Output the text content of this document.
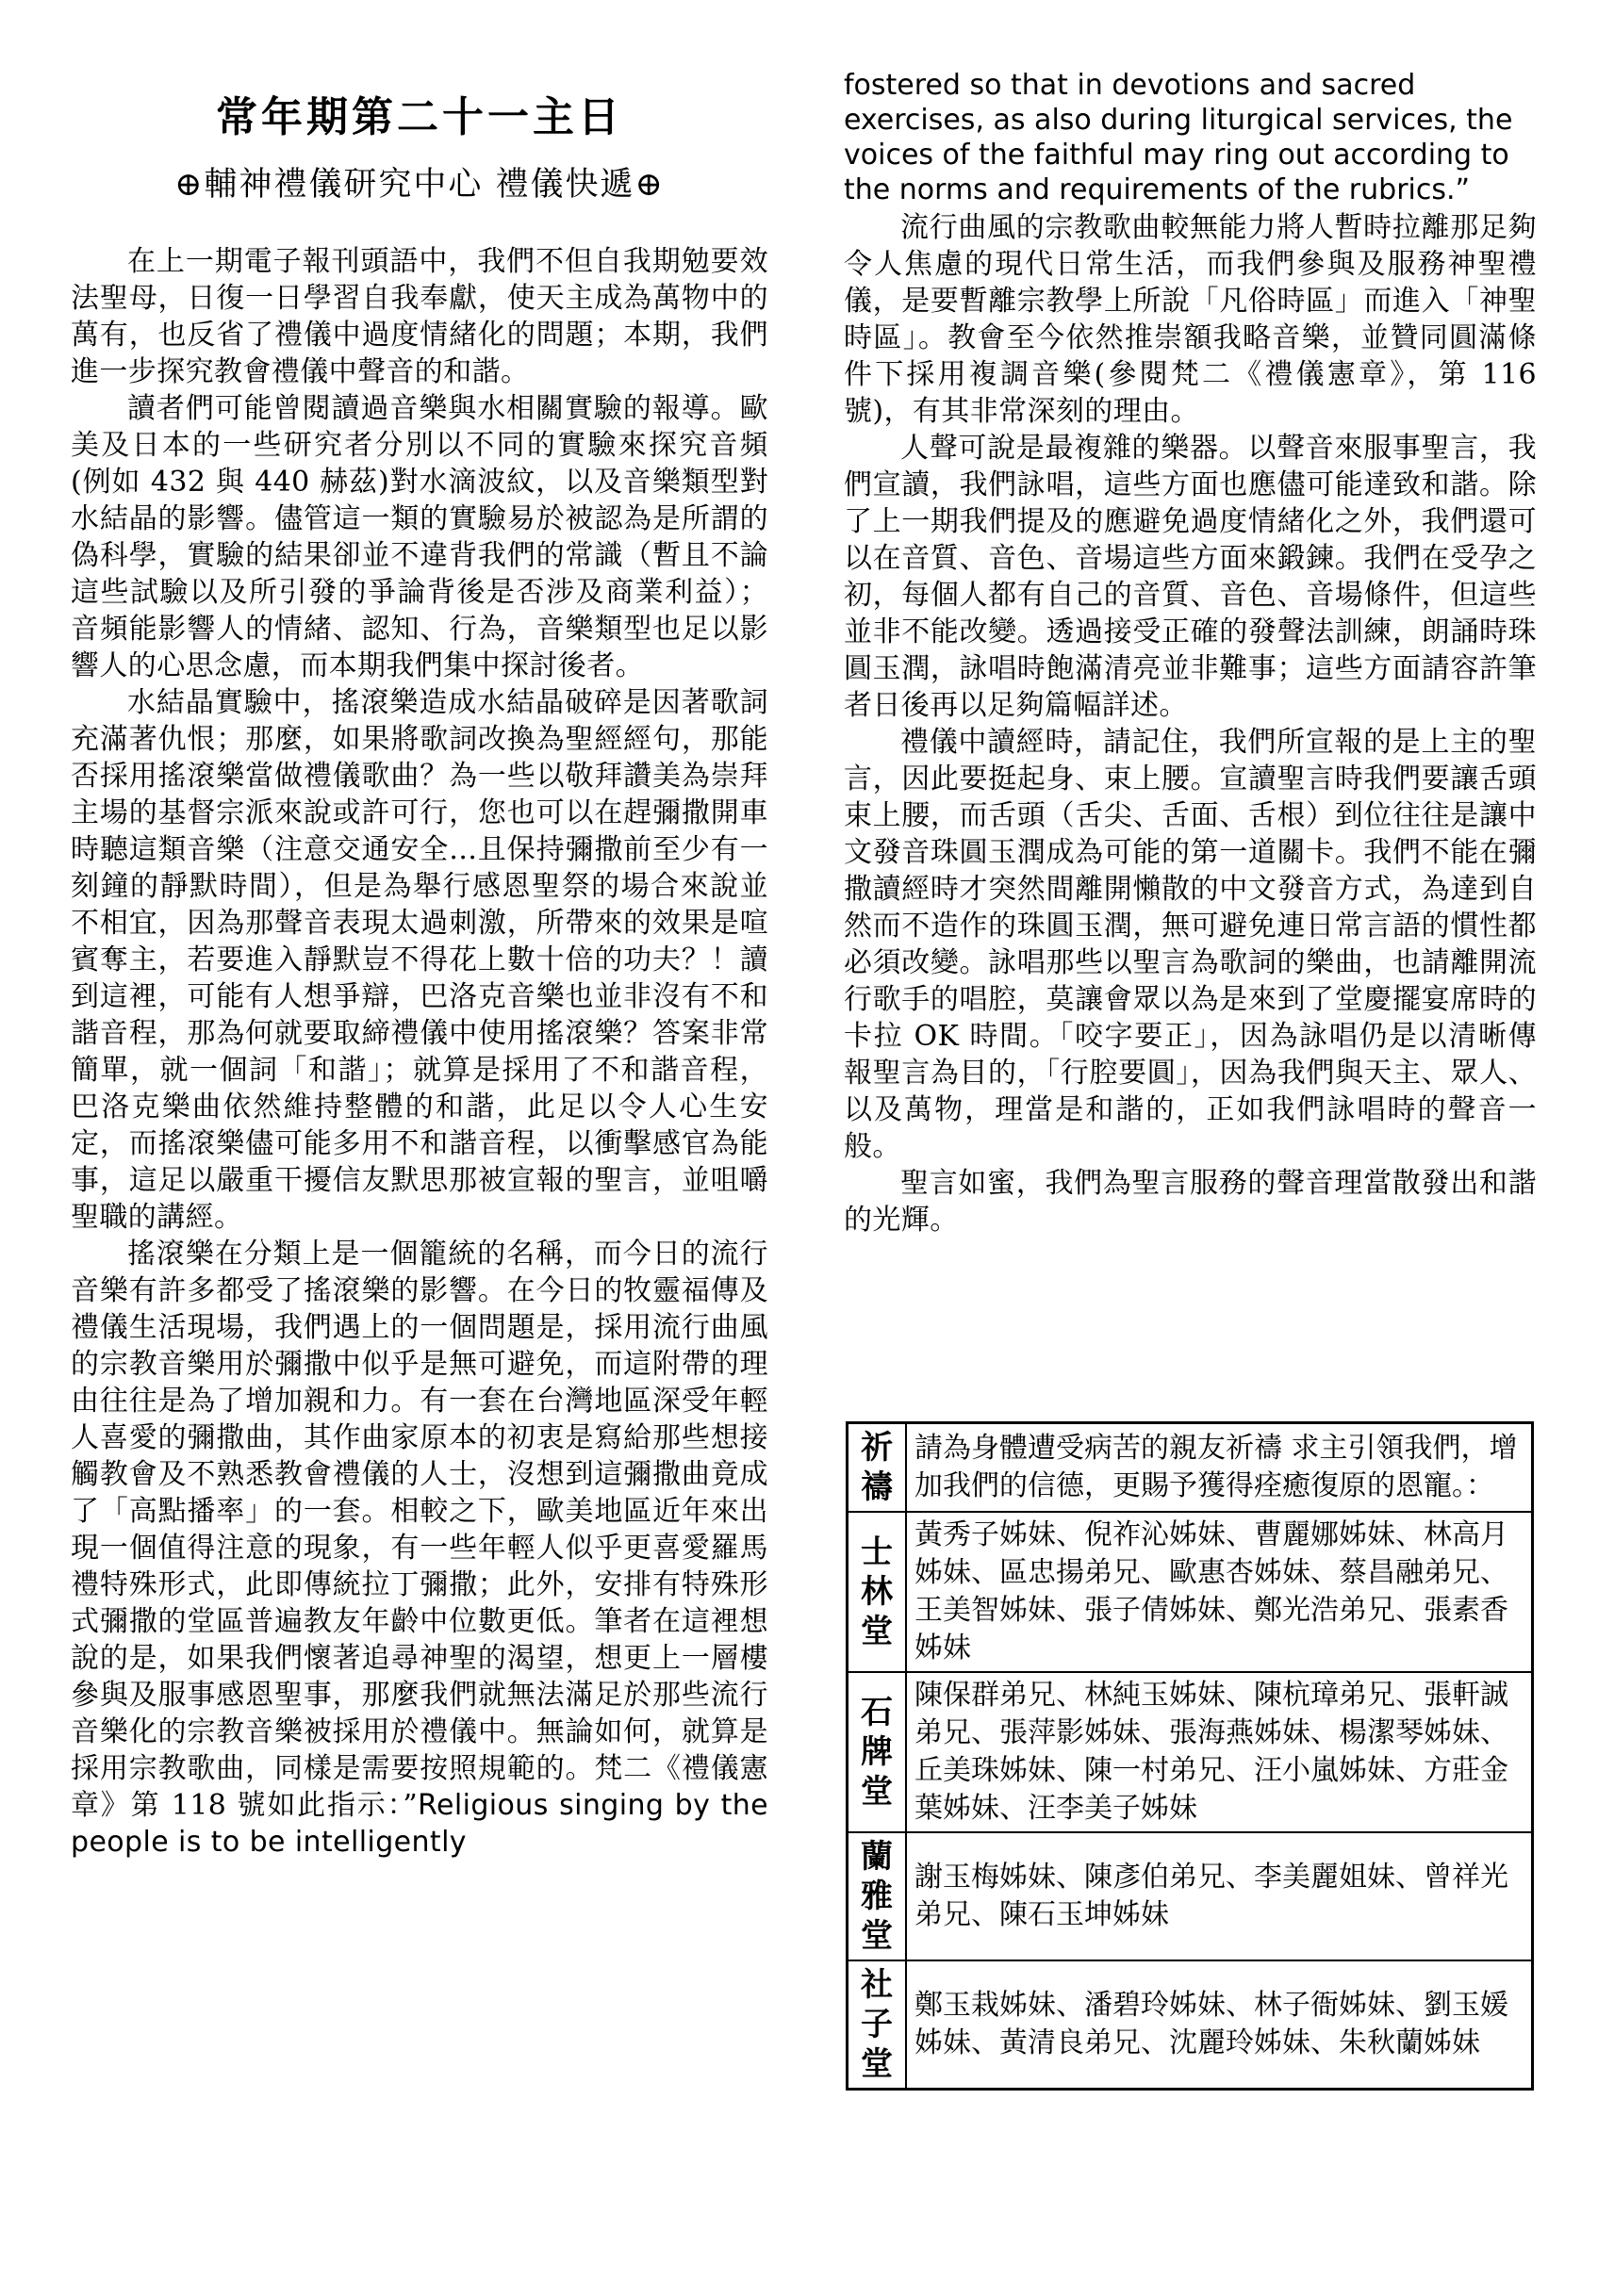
常年期第二十一主日
⊕輔神禮儀研究中心 禮儀快遞⊕

在上一期電子報刊頭語中，我們不但自我期勉要效法聖母，日復一日學習自我奉獻，使天主成為萬物中的萬有，也反省了禮儀中過度情緒化的問題；本期，我們進一步探究教會禮儀中聲音的和諧。

讀者們可能曾閱讀過音樂與水相關實驗的報導。歐美及日本的一些研究者分別以不同的實驗來探究音頻(例如 432 與 440 赫茲)對水滴波紋，以及音樂類型對水結晶的影響。儘管這一類的實驗易於被認為是所謂的偽科學，實驗的結果卻並不違背我們的常識（暫且不論這些試驗以及所引發的爭論背後是否涉及商業利益）；音頻能影響人的情緒、認知、行為，音樂類型也足以影響人的心思念慮，而本期我們集中探討後者。

水結晶實驗中，搖滾樂造成水結晶破碎是因著歌詞充滿著仇恨；那麼，如果將歌詞改換為聖經經句，那能否採用搖滾樂當做禮儀歌曲？為一些以敬拜讚美為崇拜主場的基督宗派來說或許可行，您也可以在趕彌撒開車時聽這類音樂（注意交通安全…且保持彌撒前至少有一刻鐘的靜默時間），但是為舉行感恩聖祭的場合來說並不相宜，因為那聲音表現太過刺激，所帶來的效果是喧賓奪主，若要進入靜默豈不得花上數十倍的功夫？！讀到這裡，可能有人想爭辯，巴洛克音樂也並非沒有不和諧音程，那為何就要取締禮儀中使用搖滾樂？答案非常簡單，就一個詞「和諧」；就算是採用了不和諧音程，巴洛克樂曲依然維持整體的和諧，此足以令人心生安定，而搖滾樂儘可能多用不和諧音程，以衝擊感官為能事，這足以嚴重干擾信友默思那被宣報的聖言，並咀嚼聖職的講經。

搖滾樂在分類上是一個籠統的名稱，而今日的流行音樂有許多都受了搖滾樂的影響。在今日的牧靈福傳及禮儀生活現場，我們遇上的一個問題是，採用流行曲風的宗教音樂用於彌撒中似乎是無可避免，而這附帶的理由往往是為了增加親和力。有一套在台灣地區深受年輕人喜愛的彌撒曲，其作曲家原本的初衷是寫給那些想接觸教會及不熟悉教會禮儀的人士，沒想到這彌撒曲竟成了「高點播率」的一套。相較之下，歐美地區近年來出現一個值得注意的現象，有一些年輕人似乎更喜愛羅馬禮特殊形式，此即傳統拉丁彌撒；此外，安排有特殊形式彌撒的堂區普遍教友年齡中位數更低。筆者在這裡想說的是，如果我們懷著追尋神聖的渴望，想更上一層樓參與及服事感恩聖事，那麼我們就無法滿足於那些流行音樂化的宗教音樂被採用於禮儀中。無論如何，就算是採用宗教歌曲，同樣是需要按照規範的。梵二《禮儀憲章》第 118 號如此指示：”Religious singing by the people is to be intelligently

fostered so that in devotions and sacred exercises, as also during liturgical services, the voices of the faithful may ring out according to the norms and requirements of the rubrics.”

流行曲風的宗教歌曲較無能力將人暫時拉離那足夠令人焦慮的現代日常生活，而我們參與及服務神聖禮儀，是要暫離宗教學上所說「凡俗時區」而進入「神聖時區」。教會至今依然推崇額我略音樂，並贊同圓滿條件下採用複調音樂(參閱梵二《禮儀憲章》，第 116 號)，有其非常深刻的理由。

人聲可說是最複雜的樂器。以聲音來服事聖言，我們宣讀，我們詠唱，這些方面也應儘可能達致和諧。除了上一期我們提及的應避免過度情緒化之外，我們還可以在音質、音色、音場這些方面來鍛鍊。我們在受孕之初，每個人都有自己的音質、音色、音場條件，但這些並非不能改變。透過接受正確的發聲法訓練，朗誦時珠圓玉潤，詠唱時飽滿清亮並非難事；這些方面請容許筆者日後再以足夠篇幅詳述。

禮儀中讀經時，請記住，我們所宣報的是上主的聖言，因此要挺起身、束上腰。宣讀聖言時我們要讓舌頭束上腰，而舌頭（舌尖、舌面、舌根）到位往往是讓中文發音珠圓玉潤成為可能的第一道關卡。我們不能在彌撒讀經時才突然間離開懶散的中文發音方式，為達到自然而不造作的珠圓玉潤，無可避免連日常言語的慣性都必須改變。詠唱那些以聖言為歌詞的樂曲，也請離開流行歌手的唱腔，莫讓會眾以為是來到了堂慶擺宴席時的卡拉 OK 時間。「咬字要正」，因為詠唱仍是以清晰傳報聖言為目的，「行腔要圓」，因為我們與天主、眾人、以及萬物，理當是和諧的，正如我們詠唱時的聲音一般。

聖言如蜜，我們為聖言服務的聲音理當散發出和諧的光輝。

祈
禱	請為身體遭受病苦的親友祈禱 求主引領我們，增加我們的信德，更賜予獲得痊癒復原的恩寵。：

士
林
堂	黃秀子姊妹、倪祚沁姊妹、曹麗娜姊妹、林高月姊妹、區忠揚弟兄、歐惠杏姊妹、蔡昌融弟兄、王美智姊妹、張子倩姊妹、鄭光浩弟兄、張素香姊妹

石
牌
堂	陳保群弟兄、林純玉姊妹、陳杭璋弟兄、張軒誠弟兄、張萍影姊妹、張海燕姊妹、楊潔琴姊妹、丘美珠姊妹、陳一村弟兄、汪小嵐姊妹、方莊金葉姊妹、汪李美子姊妹

蘭
雅
堂	謝玉梅姊妹、陳彥伯弟兄、李美麗姐妹、曾祥光弟兄、陳石玉坤姊妹

社
子
堂	鄭玉栽姊妹、潘碧玲姊妹、林子衙姊妹、劉玉媛姊妹、黃清良弟兄、沈麗玲姊妹、朱秋蘭姊妹
